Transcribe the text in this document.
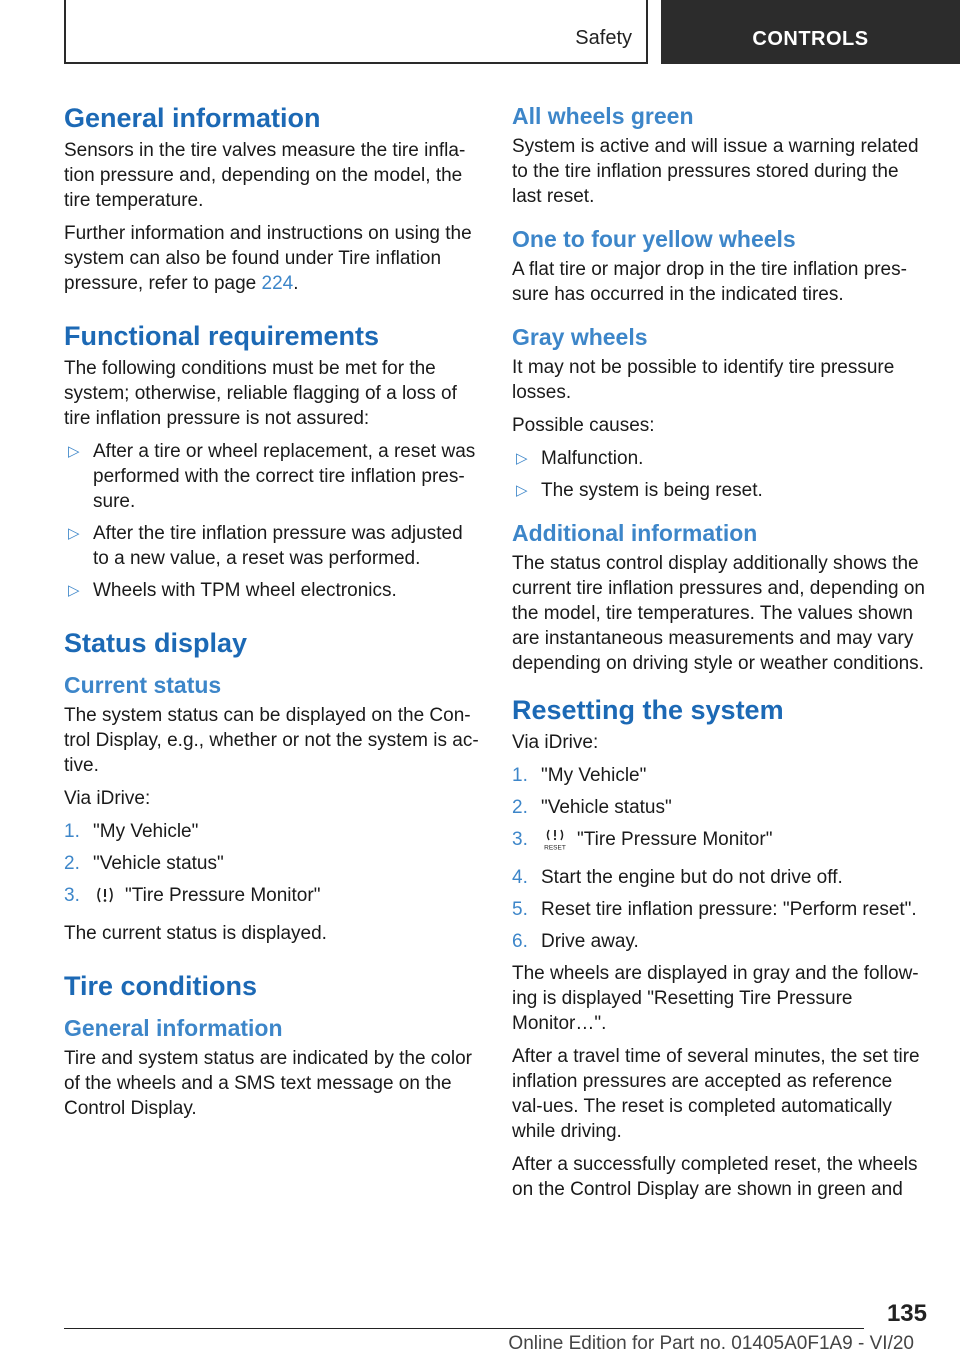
Safety	CONTROLS
General information

Sensors in the tire valves measure the tire infla-tion pressure and, depending on the model, the tire temperature.

Further information and instructions on using the system can also be found under Tire inflation pressure, refer to page 224.

Functional requirements

The following conditions must be met for the system; otherwise, reliable flagging of a loss of tire inflation pressure is not assured:

▷ After a tire or wheel replacement, a reset was performed with the correct tire inflation pres-sure.
▷ After the tire inflation pressure was adjusted to a new value, a reset was performed.
▷ Wheels with TPM wheel electronics.
Status display
Current status

The system status can be displayed on the Con-trol Display, e.g., whether or not the system is ac-tive.

Via iDrive:

1. "My Vehicle"
2. "Vehicle status"
3. "Tire Pressure Monitor"

The current status is displayed.

Tire conditions
General information

Tire and system status are indicated by the color of the wheels and a SMS text message on the Control Display.

All wheels green

System is active and will issue a warning related to the tire inflation pressures stored during the last reset.

One to four yellow wheels

A flat tire or major drop in the tire inflation pres-sure has occurred in the indicated tires.

Gray wheels

It may not be possible to identify tire pressure losses.

Possible causes:

▷ Malfunction.
▷ The system is being reset.
Additional information

The status control display additionally shows the current tire inflation pressures and, depending on the model, tire temperatures. The values shown are instantaneous measurements and may vary depending on driving style or weather conditions.

Resetting the system

Via iDrive:

1. "My Vehicle"
2. "Vehicle status"
3.	RESET "Tire Pressure Monitor"
4. Start the engine but do not drive off.
5. Reset tire inflation pressure: "Perform reset".
6. Drive away.

The wheels are displayed in gray and the follow-ing is displayed "Resetting Tire Pressure Monitor…".

After a travel time of several minutes, the set tire inflation pressures are accepted as reference val-ues. The reset is completed automatically while driving.

After a successfully completed reset, the wheels on the Control Display are shown in green and

135
Online Edition for Part no. 01405A0F1A9 - VI/20
